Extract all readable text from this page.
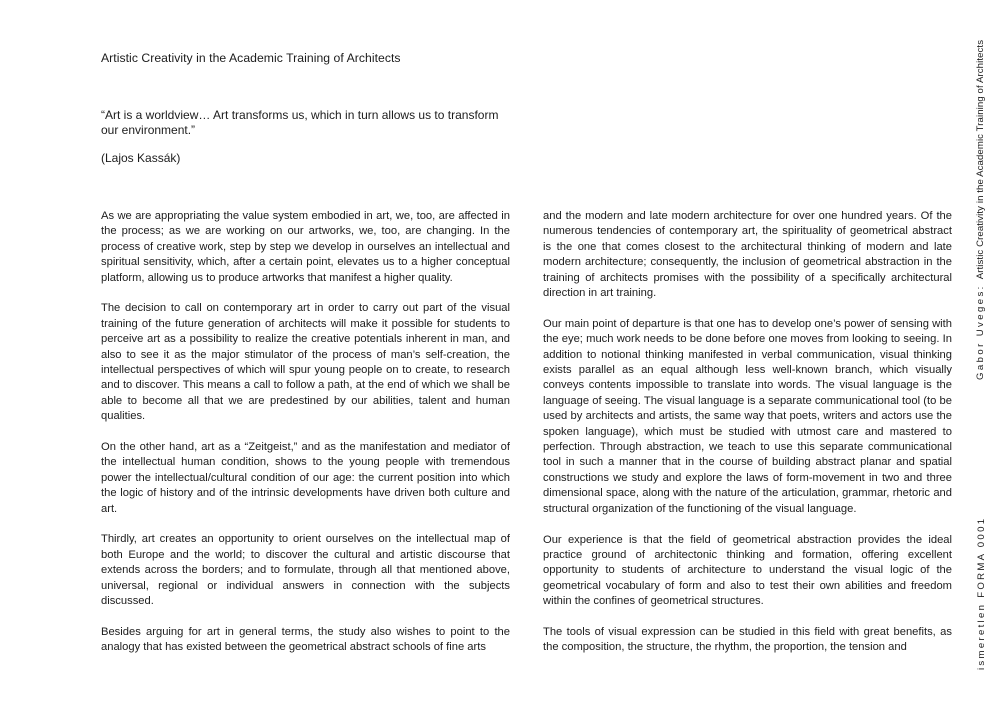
Artistic Creativity in the Academic Training of Architects

“Art is a worldview… Art transforms us, which in turn allows us to transform our environment.”

(Lajos Kassák)

As we are appropriating the value system embodied in art, we, too, are affected in the process; as we are working on our artworks, we, too, are changing. In the process of creative work, step by step we develop in ourselves an intellectual and spiritual sensitivity, which, after a certain point, elevates us to a higher conceptual platform, allowing us to produce artworks that manifest a higher quality.

The decision to call on contemporary art in order to carry out part of the visual training of the future generation of architects will make it possible for students to perceive art as a possibility to realize the creative potentials inherent in man, and also to see it as the major stimulator of the process of man’s self-creation, the intellectual perspectives of which will spur young people on to create, to research and to discover. This means a call to follow a path, at the end of which we shall be able to become all that we are predestined by our abilities, talent and human qualities.

On the other hand, art as a “Zeitgeist,” and as the manifestation and mediator of the intellectual human condition, shows to the young people with tremendous power the intellectual/cultural condition of our age: the current position into which the logic of history and of the intrinsic developments have driven both culture and art.

Thirdly, art creates an opportunity to orient ourselves on the intellectual map of both Europe and the world; to discover the cultural and artistic discourse that extends across the borders; and to formulate, through all that mentioned above, universal, regional or individual answers in connection with the subjects discussed.

Besides arguing for art in general terms, the study also wishes to point to the analogy that has existed between the geometrical abstract schools of fine arts

and the modern and late modern architecture for over one hundred years. Of the numerous tendencies of contemporary art, the spirituality of geometrical abstract is the one that comes closest to the architectural thinking of modern and late modern architecture; consequently, the inclusion of geometrical abstraction in the training of architects promises with the possibility of a specifically architectural direction in art training.

Our main point of departure is that one has to develop one’s power of sensing with the eye; much work needs to be done before one moves from looking to seeing. In addition to notional thinking manifested in verbal communication, visual thinking exists parallel as an equal although less well-known branch, which visually conveys contents impossible to translate into words. The visual language is the language of seeing. The visual language is a separate communicational tool (to be used by architects and artists, the same way that poets, writers and actors use the spoken language), which must be studied with utmost care and mastered to perfection. Through abstraction, we teach to use this separate communicational tool in such a manner that in the course of building abstract planar and spatial constructions we study and explore the laws of form-movement in two and three dimensional space, along with the nature of the articulation, grammar, rhetoric and structural organization of the functioning of the visual language.

Our experience is that the field of geometrical abstraction provides the ideal practice ground of architectonic thinking and formation, offering excellent opportunity to students of architecture to understand the visual logic of the geometrical vocabulary of form and also to test their own abilities and freedom within the confines of geometrical structures.

The tools of visual expression can be studied in this field with great benefits, as the composition, the structure, the rhythm, the proportion, the tension and

Gabor Uveges:  Artistic Creativity in the Academic Training of Architects
ismeretlen FORMA 0001
